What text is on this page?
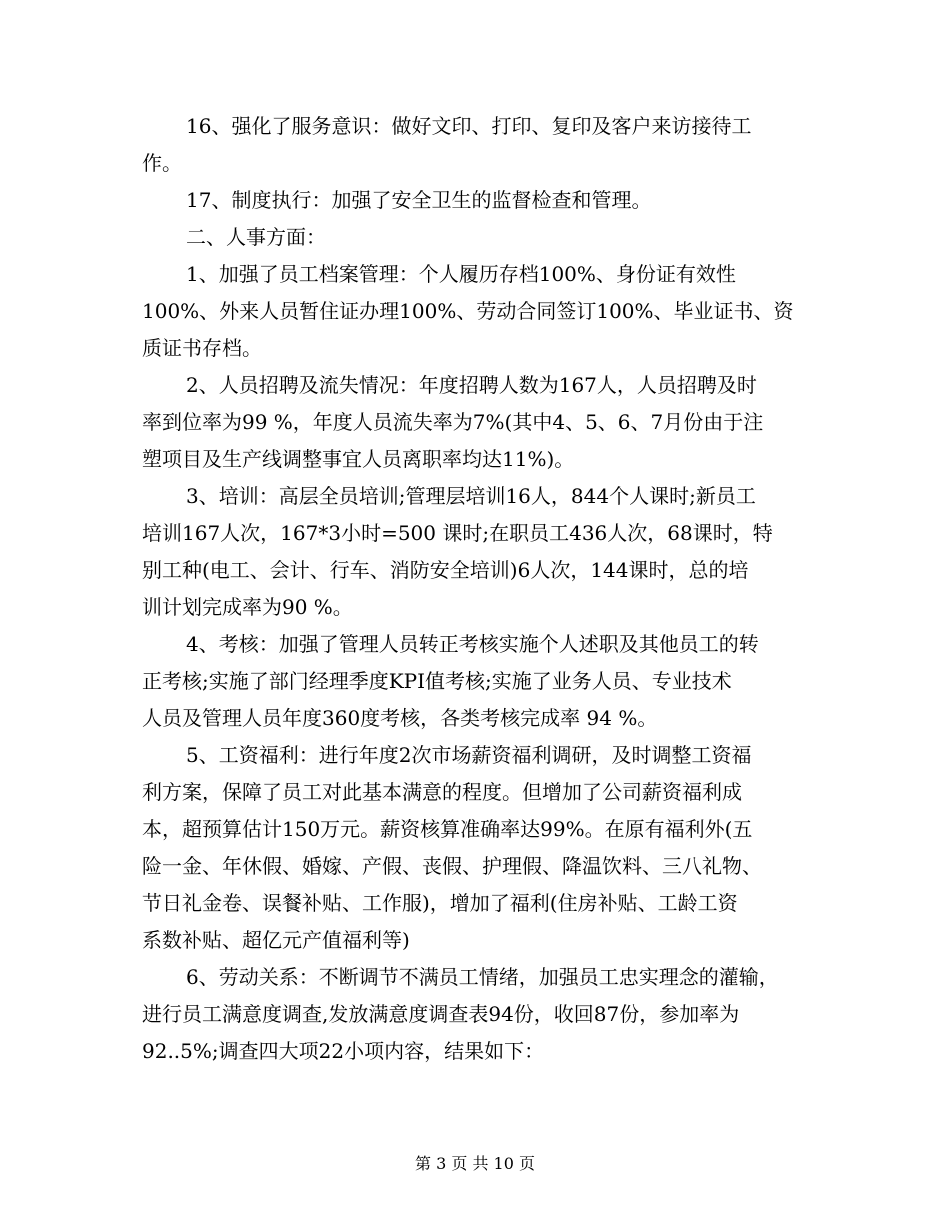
16、强化了服务意识：做好文印、打印、复印及客户来访接待工
作。
17、制度执行：加强了安全卫生的监督检查和管理。
二、人事方面：
1、加强了员工档案管理：个人履历存档100%、身份证有效性
100%、外来人员暂住证办理100%、劳动合同签订100%、毕业证书、资
质证书存档。
2、人员招聘及流失情况：年度招聘人数为167人，人员招聘及时
率到位率为99 %，年度人员流失率为7%(其中4、5、6、7月份由于注
塑项目及生产线调整事宜人员离职率均达11%)。
3、培训：高层全员培训;管理层培训16人，844个人课时;新员工
培训167人次，167*3小时=500 课时;在职员工436人次，68课时，特
别工种(电工、会计、行车、消防安全培训)6人次，144课时，总的培
训计划完成率为90 %。
4、考核：加强了管理人员转正考核实施个人述职及其他员工的转
正考核;实施了部门经理季度KPI值考核;实施了业务人员、专业技术
人员及管理人员年度360度考核，各类考核完成率 94 %。
5、工资福利：进行年度2次市场薪资福利调研，及时调整工资福
利方案，保障了员工对此基本满意的程度。但增加了公司薪资福利成
本，超预算估计150万元。薪资核算准确率达99%。在原有福利外(五
险一金、年休假、婚嫁、产假、丧假、护理假、降温饮料、三八礼物、
节日礼金卷、误餐补贴、工作服)，增加了福利(住房补贴、工龄工资
系数补贴、超亿元产值福利等)
6、劳动关系：不断调节不满员工情绪，加强员工忠实理念的灌输，
进行员工满意度调查,发放满意度调查表94份，收回87份，参加率为
92..5%;调查四大项22小项内容，结果如下：
第 3 页 共 10 页
